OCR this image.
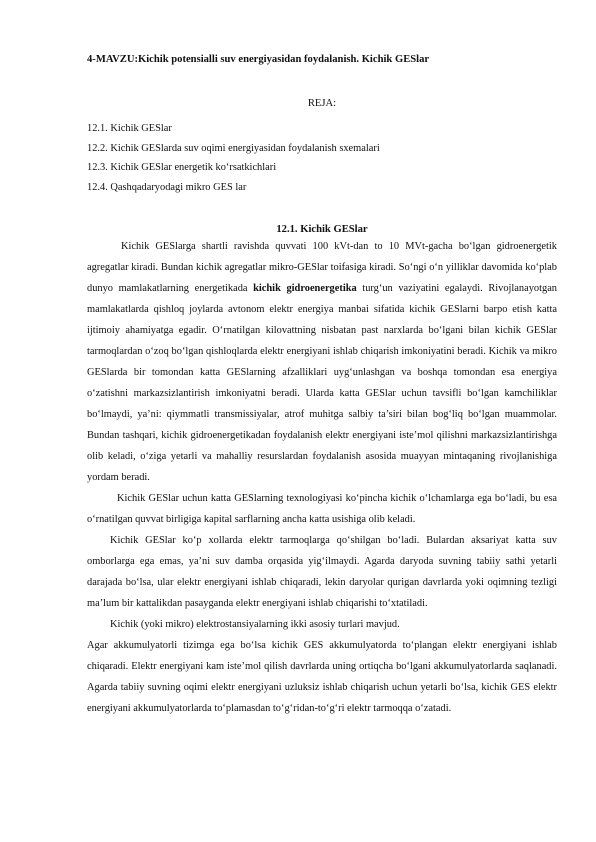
4-MAVZU:Kichik potensialli suv energiyasidan foydalanish. Kichik GESlar
REJA:
12.1. Kichik GESlar
12.2. Kichik GESlarda suv oqimi energiyasidan foydalanish sxemalari
12.3. Kichik GESlar energetik koʻrsatkichlari
12.4. Qashqadaryodagi mikro GES lar
12.1. Kichik GESlar

Kichik GESlarga shartli ravishda quvvati 100 kVt-dan to 10 MVt-gacha boʻlgan gidroenergetik agregatlar kiradi. Bundan kichik agregatlar mikro-GESlar toifasiga kiradi. Soʻngi oʻn yilliklar davomida koʻplab dunyo mamlakatlarning energetikada kichik gidroenergetika turgʻun vaziyatini egalaydi. Rivojlanayotgan mamlakatlarda qishloq joylarda avtonom elektr energiya manbai sifatida kichik GESlarni barpo etish katta ijtimoiy ahamiyatga egadir. Oʻrnatilgan kilovattning nisbatan past narxlarda boʻlgani bilan kichik GESlar tarmoqlardan oʻzoq boʻlgan qishloqlarda elektr energiyani ishlab chiqarish imkoniyatini beradi. Kichik va mikro GESlarda bir tomondan katta GESlarning afzalliklari uygʻunlashgan va boshqa tomondan esa energiya oʻzatishni markazsizlantirish imkoniyatni beradi. Ularda katta GESlar uchun tavsifli boʻlgan kamchiliklar boʻlmaydi, ya’ni: qiymmatli transmissiyalar, atrof muhitga salbiy ta’siri bilan bogʻliq boʻlgan muammolar. Bundan tashqari, kichik gidroenergetikadan foydalanish elektr energiyani iste’mol qilishni markazsizlantirishga olib keladi, oʻziga yetarli va mahalliy resurslardan foydalanish asosida muayyan mintaqaning rivojlanishiga yordam beradi.

Kichik GESlar uchun katta GESlarning texnologiyasi koʻpincha kichik oʻlchamlarga ega boʻladi, bu esa oʻrnatilgan quvvat birligiga kapital sarflarning ancha katta usishiga olib keladi.

Kichik GESlar koʻp xollarda elektr tarmoqlarga qoʻshilgan boʻladi. Bulardan aksariyat katta suv omborlarga ega emas, ya’ni suv damba orqasida yigʻilmaydi. Agarda daryoda suvning tabiiy sathi yetarli darajada boʻlsa, ular elektr energiyani ishlab chiqaradi, lekin daryolar qurigan davrlarda yoki oqimning tezligi ma’lum bir kattalikdan pasayganda elektr energiyani ishlab chiqarishi toʻxtatiladi.

Kichik (yoki mikro) elektrostansiyalarning ikki asosiy turlari mavjud.

Agar akkumulyatorli tizimga ega boʻlsa kichik GES akkumulyatorda toʻplangan elektr energiyani ishlab chiqaradi. Elektr energiyani kam iste’mol qilish davrlarda uning ortiqcha boʻlgani akkumulyatorlarda saqlanadi. Agarda tabiiy suvning oqimi elektr energiyani uzluksiz ishlab chiqarish uchun yetarli boʻlsa, kichik GES elektr energiyani akkumulyatorlarda toʻplamasdan toʻgʻridan-toʻgʻri elektr tarmoqqa oʻzatadi.
